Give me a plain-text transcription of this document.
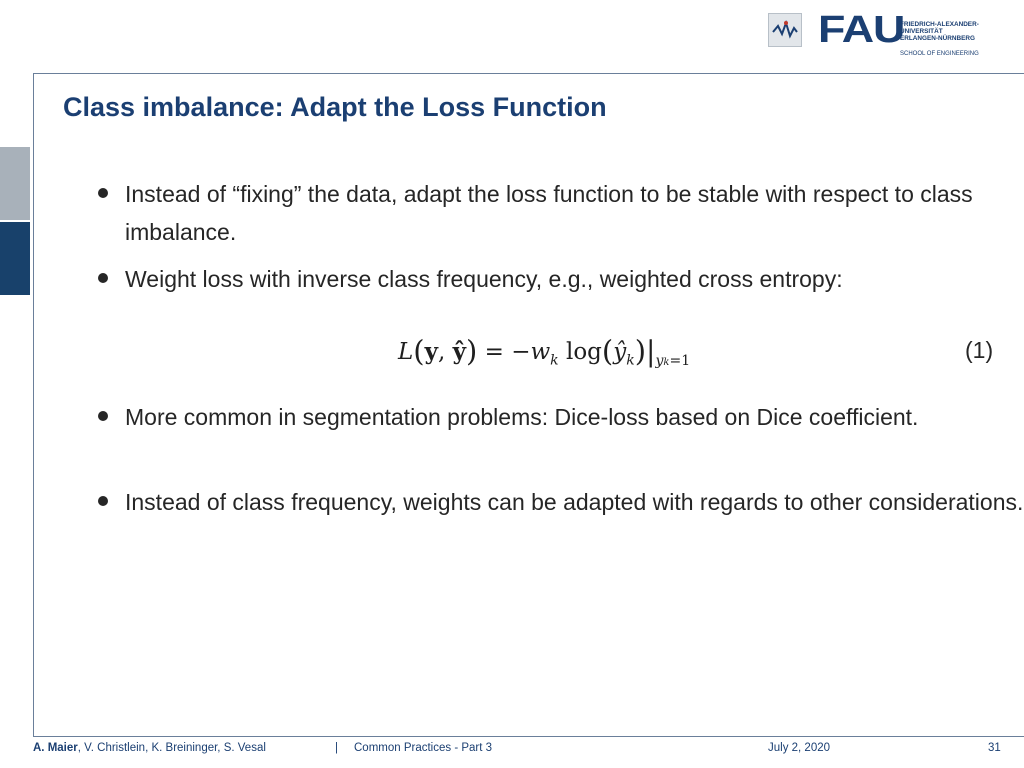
FAU
FRIEDRICH-ALEXANDER-
UNIVERSITÄT
ERLANGEN-NÜRNBERG
SCHOOL OF ENGINEERING
Class imbalance: Adapt the Loss Function
Instead of “fixing” the data, adapt the loss function to be stable with respect to class imbalance.
Weight loss with inverse class frequency, e.g., weighted cross entropy:
More common in segmentation problems: Dice-loss based on Dice coefficient.
Instead of class frequency, weights can be adapted with regards to other considerations.
L(y, ŷ) = $-w_k$ $\log(ŷ_k)|_{yk=1}$	(1)
A. Maier, V. Christlein, K. Breininger, S. Vesal	| Common Practices - Part 3	July 2, 2020	31
